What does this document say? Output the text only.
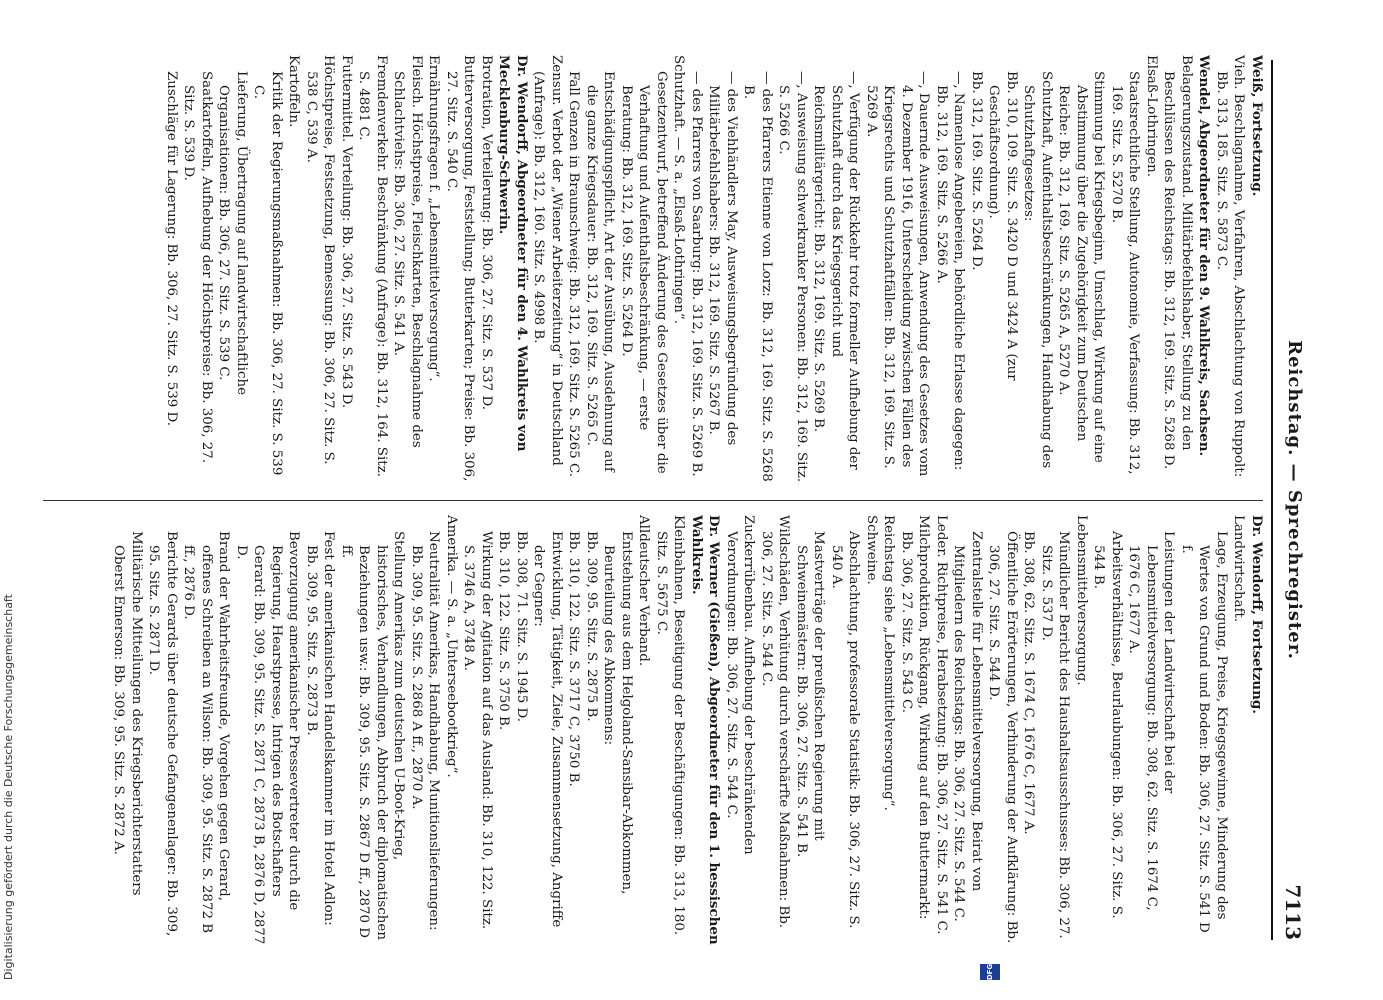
Reichstag. — Sprechregister.
7113

Weiß, Fortsetzung.

Vieh. Beschlagnahme, Verfahren, Abschlachtung von Ruppolt: Bb. 313, 185. Sitz. S. 5873 C.

Wendel, Abgeordneter für den 9. Wahlkreis, Sachsen.

Belagerungszustand. Militärbefehlshaber, Stellung zu den Beschlüssen des Reichstags: Bb. 312, 169. Sitz. S. 5268 D.

Elsaß-Lothringen.

Staatsrechtliche Stellung, Autonomie, Verfassung: Bb. 312, 169. Sitz. S. 5270 B.

Stimmung bei Kriegsbeginn, Umschlag, Wirkung auf eine Abstimmung über die Zugehörigkeit zum Deutschen Reiche: Bb. 312, 169. Sitz. S. 5265 A, 5270 A.

Schutzhaft, Aufenthaltsbeschränkungen, Handhabung des Schutzhaftgesetzes:

Bb. 310, 109. Sitz. S. 3420 D und 3424 A (zur Geschäftsordnung).

Bb. 312, 169. Sitz. S. 5264 D.

—, Namenlose Angebereien, behördliche Erlasse dagegen: Bb. 312, 169. Sitz. S. 5266 A.

—, Dauernde Ausweisungen, Anwendung des Gesetzes vom 4. Dezember 1916, Unterscheidung zwischen Fällen des Kriegsrechts und Schutzhaftfällen: Bb. 312, 169. Sitz. S. 5269 A.

—, Verfügung der Rückkehr trotz formeller Aufhebung der Schutzhaft durch das Kriegsgericht und Reichsmilitärgericht: Bb. 312, 169. Sitz. S. 5269 B.

—, Ausweisung schwerkranker Personen: Bb. 312, 169. Sitz. S. 5266 C.

— des Pfarrers Etienne von Lorz: Bb. 312, 169. Sitz. S. 5268 B.

— des Viehhändlers May, Ausweisungsbegründung des Militärbefehlshabers: Bb. 312, 169. Sitz. S. 5267 B.

— des Pfarrers von Saarburg: Bb. 312, 169. Sitz. S. 5269 B.

Schutzhaft. — S. a. „Elsaß-Lothringen“.

Gesetzentwurf, betreffend Änderung des Gesetzes über die Verhaftung und Aufenthaltsbeschränkung, — erste Beratung: Bb. 312, 169. Sitz. S. 5264 D.

Entschädigungspflicht, Art der Ausübung, Ausdehnung auf die ganze Kriegsdauer: Bb. 312, 169. Sitz. S. 5265 C.

Fall Genzen in Braunschweig: Bb. 312, 169. Sitz. S. 5265 C.

Zensur. Verbot der „Wiener Arbeiterzeitung“ in Deutschland (Anfrage): Bb. 312, 160. Sitz. S. 4998 B.

Dr. Wendorff, Abgeordneter für den 4. Wahlkreis von Mecklenburg-Schwerin.

Brotration, Verteilerung: Bb. 306, 27. Sitz. S. 537 D.

Butterversorgung, Feststellung; Butterkarten; Preise: Bb. 306, 27. Sitz. S. 540 C.

Ernährungsfragen f. „Lebensmittelversorgung“.

Fleisch. Höchstpreise, Fleischkarten, Beschlagnahme des Schlachtviehs: Bb. 306, 27. Sitz. S. 541 A.

Fremdenverkehr. Beschränkung (Anfrage): Bb. 312, 164. Sitz. S. 4881 C.

Futtermittel. Verteilung: Bb. 306, 27. Sitz. S. 543 D.

Höchstpreise, Festsetzung, Bemessung: Bb. 306, 27. Sitz. S. 538 C, 539 A.

Kartoffeln.

Kritik der Regierungsmaßnahmen: Bb. 306, 27. Sitz. S. 539 C.

Lieferung, Übertragung auf landwirtschaftliche Organisationen: Bb. 306, 27. Sitz. S. 539 C.

Saatkartoffeln, Aufhebung der Höchstpreise: Bb. 306, 27. Sitz. S. 539 D.

Zuschläge für Lagerung: Bb. 306, 27. Sitz. S. 539 D.

Dr. Wendorff, Fortsetzung.

Landwirtschaft.

Lage, Erzeugung, Preise, Kriegsgewinne, Minderung des Wertes von Grund und Boden: Bb. 306, 27. Sitz. S. 541 D f.

Leistungen der Landwirtschaft bei der Lebensmittelversorgung: Bb. 308, 62. Sitz. S. 1674 C, 1676 C, 1677 A.

Arbeitsverhältnisse, Beurlaubungen: Bb. 306, 27. Sitz. S. 544 B.

Lebensmittelversorgung.

Mündlicher Bericht des Haushaltsausschusses: Bb. 306, 27. Sitz. S. 537 D.

Bb. 308, 62. Sitz. S. 1674 C, 1676 C, 1677 A.

Öffentliche Erörterungen, Verhinderung der Aufklärung: Bb. 306, 27. Sitz. S. 544 D.

Zentralstelle für Lebensmittelversorgung, Beirat von Mitgliedern des Reichstags: Bb. 306, 27. Sitz. S. 544 C.

Leder. Richtpreise, Herabsetzung: Bb. 306, 27. Sitz. S. 541 C.

Milchproduktion, Rückgang, Wirkung auf den Buttermarkt: Bb. 306, 27. Sitz. S. 543 C.

Reichstag siehe „Lebensmittelversorgung“.

Schweine.

Abschlachtung, professorale Statistik: Bb. 306, 27. Sitz. S. 540 A.

Mastverträge der preußischen Regierung mit Schweinemästern: Bb. 306, 27. Sitz. S. 541 B.

Wildschäden, Verhütung durch verschärfte Maßnahmen: Bb. 306, 27. Sitz. S. 544 C.

Zuckerrübenbau. Aufhebung der beschränkenden Verordnungen: Bb. 306, 27. Sitz. S. 544 C.

Dr. Werner (Gießen), Abgeordneter für den 1. hessischen Wahlkreis.

Kleinbahnen, Beseitigung der Beschäftigungen: Bb. 313, 180. Sitz. S. 5675 C.

Alldeutscher Verband.

Entstehung aus dem Helgoland-Sansibar-Abkommen, Beurteilung des Abkommens:

Bb. 309, 95. Sitz. S. 2875 B.

Bb. 310, 122. Sitz. S. 3717 C, 3750 B.

Entwicklung, Tätigkeit, Ziele, Zusammensetzung, Angriffe der Gegner:

Bb. 308, 71. Sitz. S. 1945 D.

Bb. 310, 122. Sitz. S. 3750 B.

Wirkung der Agitation auf das Ausland: Bb. 310, 122. Sitz. S. 3746 A, 3748 A.

Amerika. — S. a. „Unterseebootkrieg“.

Neutralität Amerikas, Handhabung, Munitionslieferungen: Bb. 309, 95. Sitz. S. 2868 A ff., 2870 A.

Stellung Amerikas zum deutschen U-Boot-Krieg, historisches, Verhandlungen, Abbruch der diplomatischen Beziehungen usw.: Bb. 309, 95. Sitz. S. 2867 D ff., 2870 D ff.

Fest der amerikanischen Handelskammer im Hotel Adlon: Bb. 309, 95. Sitz. S. 2873 B.

Bevorzugung amerikanischer Pressevertreter durch die Regierung, Hearstpresse, Intrigen des Botschafters Gerard: Bb. 309, 95. Sitz. S. 2871 C, 2873 B, 2876 D, 2877 D.

Brand der Wahrheitsfreunde, Vorgehen gegen Gerard, offenes Schreiben an Wilson: Bb. 309, 95. Sitz. S. 2872 B ff., 2876 D.

Berichte Gerards über deutsche Gefangenenlager: Bb. 309, 95. Sitz. S. 2871 D.

Militärische Mitteilungen des Kriegsberichterstatters Oberst Emerson: Bb. 309, 95. Sitz. S. 2872 A.

Digitalisierung gefördert durch die Deutsche Forschungsgemeinschaft	DFG
